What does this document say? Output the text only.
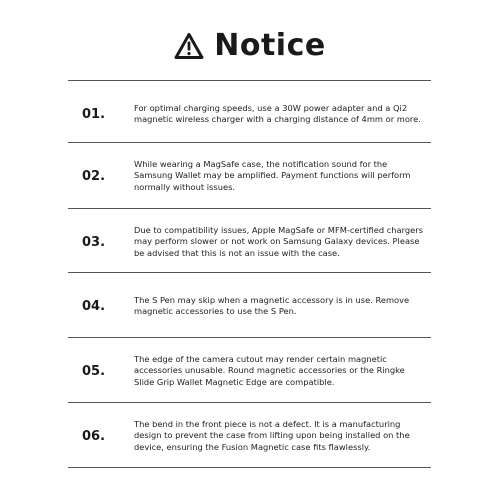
Notice
01.	For optimal charging speeds, use a 30W power adapter and a Qi2 magnetic wireless charger with a charging distance of 4mm or more.
02.
While wearing a MagSafe case, the notification sound for the Samsung Wallet may be amplified. Payment functions will perform normally without issues.
03.
Due to compatibility issues, Apple MagSafe or MFM-certified chargers may perform slower or not work on Samsung Galaxy devices. Please be advised that this is not an issue with the case.
04.	The S Pen may skip when a magnetic accessory is in use. Remove magnetic accessories to use the S Pen.
05.
The edge of the camera cutout may render certain magnetic accessories unusable. Round magnetic accessories or the Ringke Slide Grip Wallet Magnetic Edge are compatible.
06.
The bend in the front piece is not a defect. It is a manufacturing design to prevent the case from lifting upon being installed on the device, ensuring the Fusion Magnetic case fits flawlessly.
